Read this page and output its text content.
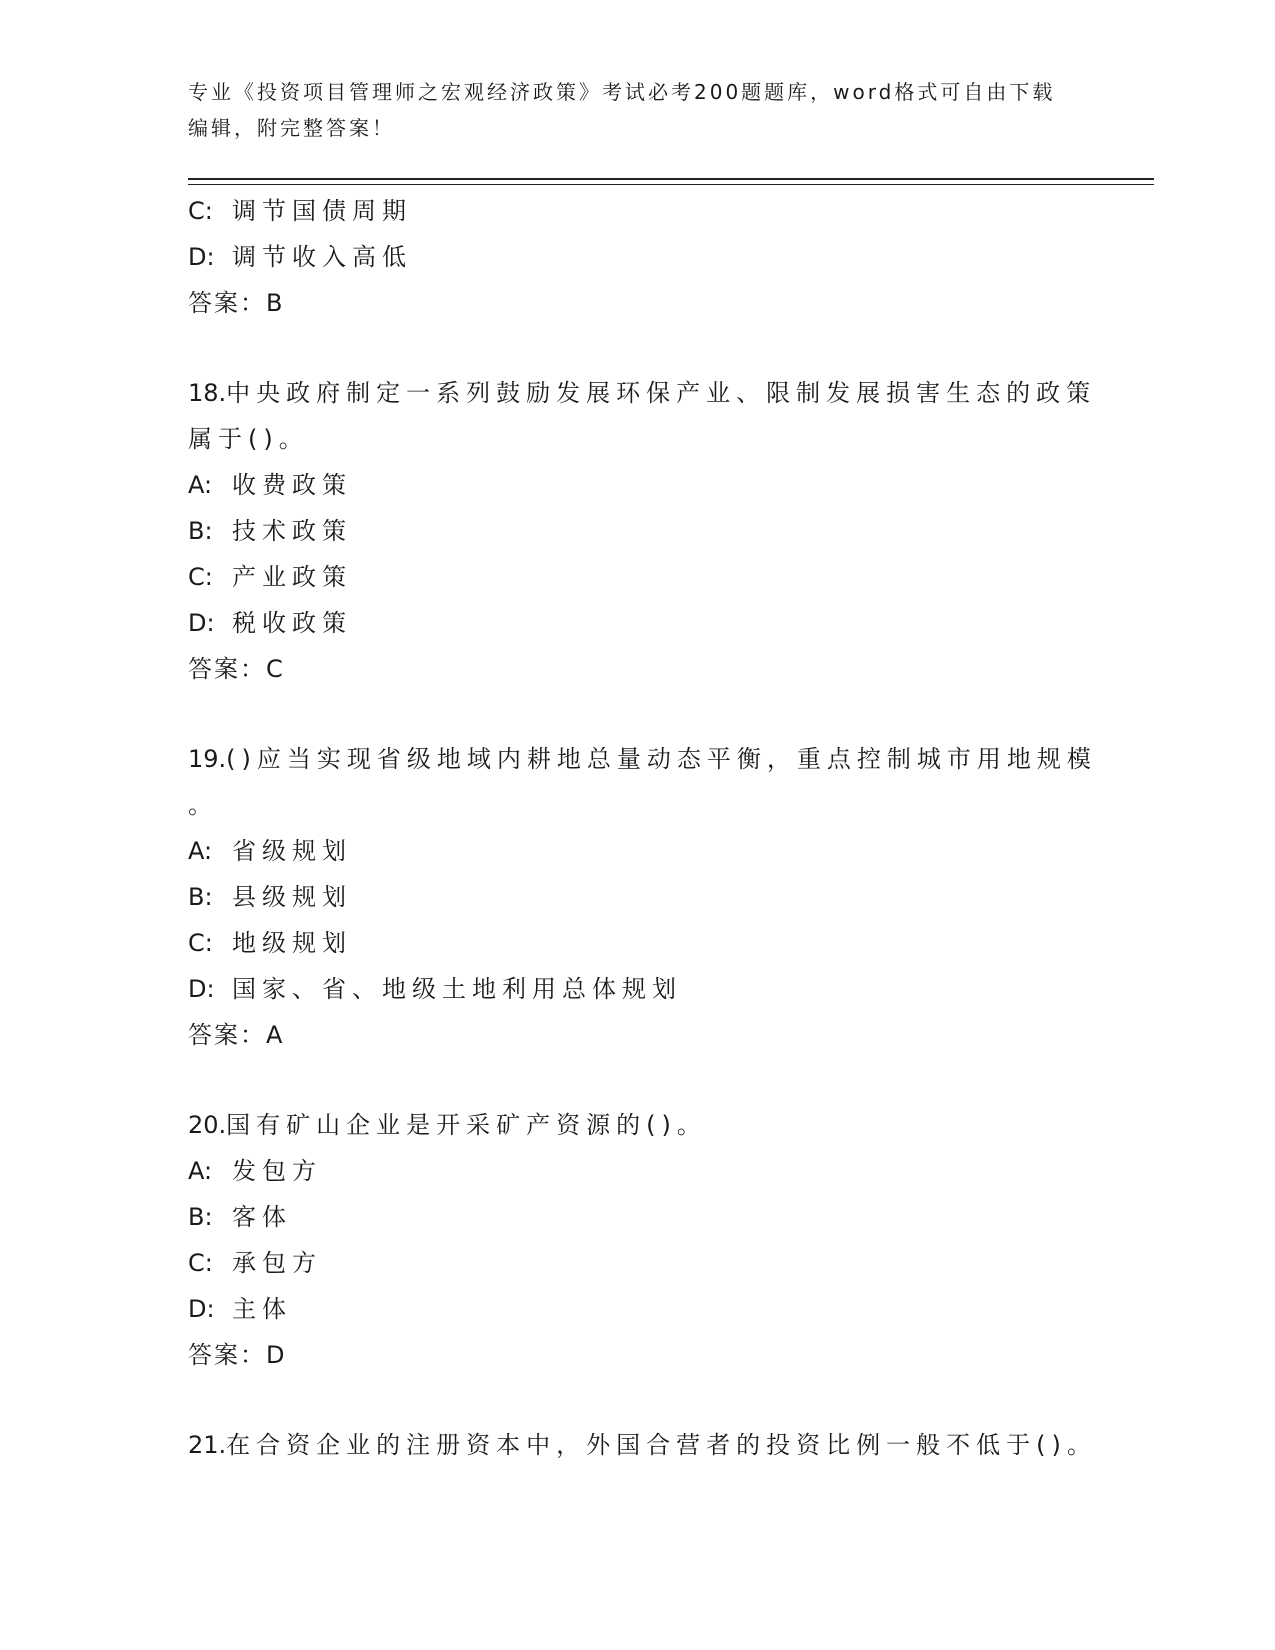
专业《投资项目管理师之宏观经济政策》考试必考200题题库，word格式可自由下载编辑，附完整答案！
C: 调节国债周期
D: 调节收入高低
答案：B
18.中央政府制定一系列鼓励发展环保产业、限制发展损害生态的政策
属于()。
A: 收费政策
B: 技术政策
C: 产业政策
D: 税收政策
答案：C
19.()应当实现省级地域内耕地总量动态平衡，重点控制城市用地规模
。
A: 省级规划
B: 县级规划
C: 地级规划
D: 国家、省、地级土地利用总体规划
答案：A
20.国有矿山企业是开采矿产资源的()。
A: 发包方
B: 客体
C: 承包方
D: 主体
答案：D
21.在合资企业的注册资本中，外国合营者的投资比例一般不低于()。
